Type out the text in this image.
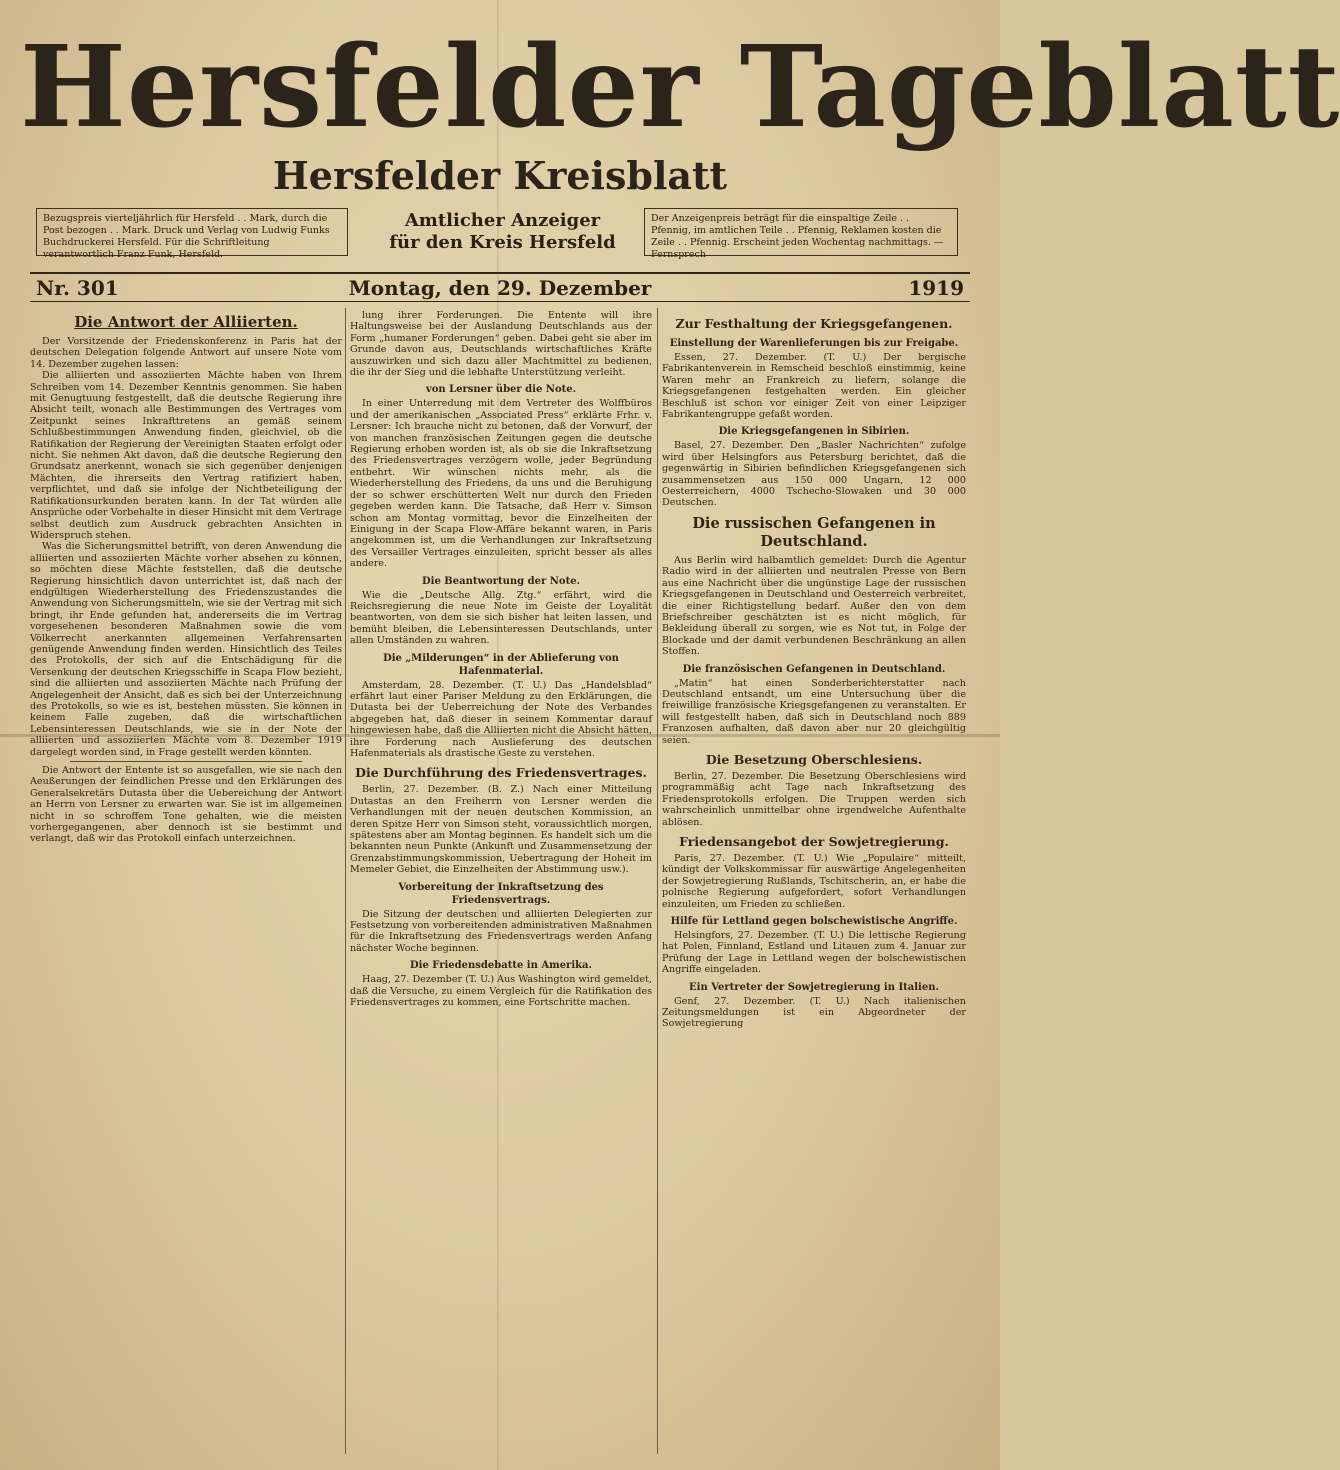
Hersfelder Tageblatt
Hersfelder Kreisblatt
Bezugspreis vierteljährlich für Hersfeld . . Mark, durch die Post bezogen . . Mark. Druck und Verlag von Ludwig Funks Buchdruckerei Hersfeld. Für die Schriftleitung verantwortlich Franz Funk, Hersfeld.
Amtlicher Anzeiger
für den Kreis Hersfeld
Der Anzeigenpreis beträgt für die einspaltige Zeile . . Pfennig, im amtlichen Teile . . Pfennig, Reklamen kosten die Zeile . . Pfennig. Erscheint jeden Wochentag nachmittags. — Fernsprech
Nr. 301	Montag, den 29. Dezember	1919
Die Antwort der Alliierten.

Der Vorsitzende der Friedenskonferenz in Paris hat der deutschen Delegation folgende Antwort auf unsere Note vom 14. Dezember zugehen lassen:

Die alliierten und assoziierten Mächte haben von Ihrem Schreiben vom 14. Dezember Kenntnis genommen. Sie haben mit Genugtuung festgestellt, daß die deutsche Regierung ihre Absicht teilt, wonach alle Bestimmungen des Vertrages vom Zeitpunkt seines Inkrafttretens an gemäß seinem Schlußbestimmungen Anwendung finden, gleichviel, ob die Ratifikation der Regierung der Vereinigten Staaten erfolgt oder nicht. Sie nehmen Akt davon, daß die deutsche Regierung den Grundsatz anerkennt, wonach sie sich gegenüber denjenigen Mächten, die ihrerseits den Vertrag ratifiziert haben, verpflichtet, und daß sie infolge der Nichtbeteiligung der Ratifikationsurkunden beraten kann. In der Tat würden alle Ansprüche oder Vorbehalte in dieser Hinsicht mit dem Vertrage selbst deutlich zum Ausdruck gebrachten Ansichten in Widerspruch stehen.

Was die Sicherungsmittel betrifft, von deren Anwendung die alliierten und assoziierten Mächte vorher absehen zu können, so möchten diese Mächte feststellen, daß die deutsche Regierung hinsichtlich davon unterrichtet ist, daß nach der endgültigen Wiederherstellung des Friedenszustandes die Anwendung von Sicherungsmitteln, wie sie der Vertrag mit sich bringt, ihr Ende gefunden hat, andererseits die im Vertrag vorgesehenen besonderen Maßnahmen sowie die vom Völkerrecht anerkannten allgemeinen Verfahrensarten genügende Anwendung finden werden. Hinsichtlich des Teiles des Protokolls, der sich auf die Entschädigung für die Versenkung der deutschen Kriegsschiffe in Scapa Flow bezieht, sind die alliierten und assoziierten Mächte nach Prüfung der Angelegenheit der Ansicht, daß es sich bei der Unterzeichnung des Protokolls, so wie es ist, bestehen müssten. Sie können in keinem Falle zugeben, daß die wirtschaftlichen Lebensinteressen Deutschlands, wie sie in der Note der alliierten und assoziierten Mächte vom 8. Dezember 1919 dargelegt worden sind, in Frage gestellt werden könnten.

Die Antwort der Entente ist so ausgefallen, wie sie nach den Aeußerungen der feindlichen Presse und den Erklärungen des Generalsekretärs Dutasta über die Uebereichung der Antwort an Herrn von Lersner zu erwarten war. Sie ist im allgemeinen nicht in so schroffem Tone gehalten, wie die meisten vorhergegangenen, aber dennoch ist sie bestimmt und verlangt, daß wir das Protokoll einfach unterzeichnen.

lung ihrer Forderungen. Die Entente will ihre Haltungsweise bei der Auslandung Deutschlands aus der Form „humaner Forderungen“ geben. Dabei geht sie aber im Grunde davon aus, Deutschlands wirtschaftliches Kräfte auszuwirken und sich dazu aller Machtmittel zu bedienen, die ihr der Sieg und die lebhafte Unterstützung verleiht.

von Lersner über die Note.

In einer Unterredung mit dem Vertreter des Wolffbüros und der amerikanischen „Associated Press“ erklärte Frhr. v. Lersner: Ich brauche nicht zu betonen, daß der Vorwurf, der von manchen französischen Zeitungen gegen die deutsche Regierung erhoben worden ist, als ob sie die Inkraftsetzung des Friedensvertrages verzögern wolle, jeder Begründung entbehrt. Wir wünschen nichts mehr, als die Wiederherstellung des Friedens, da uns und die Beruhigung der so schwer erschütterten Welt nur durch den Frieden gegeben werden kann. Die Tatsache, daß Herr v. Simson schon am Montag vormittag, bevor die Einzelheiten der Einigung in der Scapa Flow-Affäre bekannt waren, in Paris angekommen ist, um die Verhandlungen zur Inkraftsetzung des Versailler Vertrages einzuleiten, spricht besser als alles andere.

Die Beantwortung der Note.

Wie die „Deutsche Allg. Ztg.“ erfährt, wird die Reichsregierung die neue Note im Geiste der Loyalität beantworten, von dem sie sich bisher hat leiten lassen, und bemüht bleiben, die Lebensinteressen Deutschlands, unter allen Umständen zu wahren.

Die „Milderungen“ in der Ablieferung von Hafenmaterial.

Amsterdam, 28. Dezember. (T. U.) Das „Handelsblad“ erfährt laut einer Pariser Meldung zu den Erklärungen, die Dutasta bei der Ueberreichung der Note des Verbandes abgegeben hat, daß dieser in seinem Kommentar darauf hingewiesen habe, daß die Alliierten nicht die Absicht hätten, ihre Forderung nach Auslieferung des deutschen Hafenmaterials als drastische Geste zu verstehen.

Die Durchführung des Friedensvertrages.

Berlin, 27. Dezember. (B. Z.) Nach einer Mitteilung Dutastas an den Freiherrn von Lersner werden die Verhandlungen mit der neuen deutschen Kommission, an deren Spitze Herr von Simson steht, voraussichtlich morgen, spätestens aber am Montag beginnen. Es handelt sich um die bekannten neun Punkte (Ankunft und Zusammensetzung der Grenzabstimmungskommission, Uebertragung der Hoheit im Memeler Gebiet, die Einzelheiten der Abstimmung usw.).

Vorbereitung der Inkraftsetzung des Friedensvertrags.

Die Sitzung der deutschen und alliierten Delegierten zur Festsetzung von vorbereitenden administrativen Maßnahmen für die Inkraftsetzung des Friedensvertrags werden Anfang nächster Woche beginnen.

Die Friedensdebatte in Amerika.

Haag, 27. Dezember (T. U.) Aus Washington wird gemeldet, daß die Versuche, zu einem Vergleich für die Ratifikation des Friedensvertrages zu kommen, eine Fortschritte machen.

Zur Festhaltung der Kriegsgefangenen.
Einstellung der Warenlieferungen bis zur Freigabe.

Essen, 27. Dezember. (T. U.) Der bergische Fabrikantenverein in Remscheid beschloß einstimmig, keine Waren mehr an Frankreich zu liefern, solange die Kriegsgefangenen festgehalten werden. Ein gleicher Beschluß ist schon vor einiger Zeit von einer Leipziger Fabrikantengruppe gefaßt worden.

Die Kriegsgefangenen in Sibirien.

Basel, 27. Dezember. Den „Basler Nachrichten“ zufolge wird über Helsingfors aus Petersburg berichtet, daß die gegenwärtig in Sibirien befindlichen Kriegsgefangenen sich zusammensetzen aus 150 000 Ungarn, 12 000 Oesterreichern, 4000 Tschecho-Slowaken und 30 000 Deutschen.

Die russischen Gefangenen in Deutschland.

Aus Berlin wird halbamtlich gemeldet: Durch die Agentur Radio wird in der alliierten und neutralen Presse von Bern aus eine Nachricht über die ungünstige Lage der russischen Kriegsgefangenen in Deutschland und Oesterreich verbreitet, die einer Richtigstellung bedarf. Außer den von dem Briefschreiber geschätzten ist es nicht möglich, für Bekleidung überall zu sorgen, wie es Not tut, in Folge der Blockade und der damit verbundenen Beschränkung an allen Stoffen.

Die französischen Gefangenen in Deutschland.

„Matin“ hat einen Sonderberichterstatter nach Deutschland entsandt, um eine Untersuchung über die freiwillige französische Kriegsgefangenen zu veranstalten. Er will festgestellt haben, daß sich in Deutschland noch 889 Franzosen aufhalten, daß davon aber nur 20 gleichgültig seien.

Die Besetzung Oberschlesiens.

Berlin, 27. Dezember. Die Besetzung Oberschlesiens wird programmäßig acht Tage nach Inkraftsetzung des Friedensprotokolls erfolgen. Die Truppen werden sich wahrscheinlich unmittelbar ohne irgendwelche Aufenthalte ablösen.

Friedensangebot der Sowjetregierung.

Paris, 27. Dezember. (T. U.) Wie „Populaire“ mitteilt, kündigt der Volkskommissar für auswärtige Angelegenheiten der Sowjetregierung Rußlands, Tschitscherin, an, er habe die polnische Regierung aufgefordert, sofort Verhandlungen einzuleiten, um Frieden zu schließen.

Hilfe für Lettland gegen bolschewistische Angriffe.

Helsingfors, 27. Dezember. (T. U.) Die lettische Regierung hat Polen, Finnland, Estland und Litauen zum 4. Januar zur Prüfung der Lage in Lettland wegen der bolschewistischen Angriffe eingeladen.

Ein Vertreter der Sowjetregierung in Italien.

Genf, 27. Dezember. (T. U.) Nach italienischen Zeitungsmeldungen ist ein Abgeordneter der Sowjetregierung
